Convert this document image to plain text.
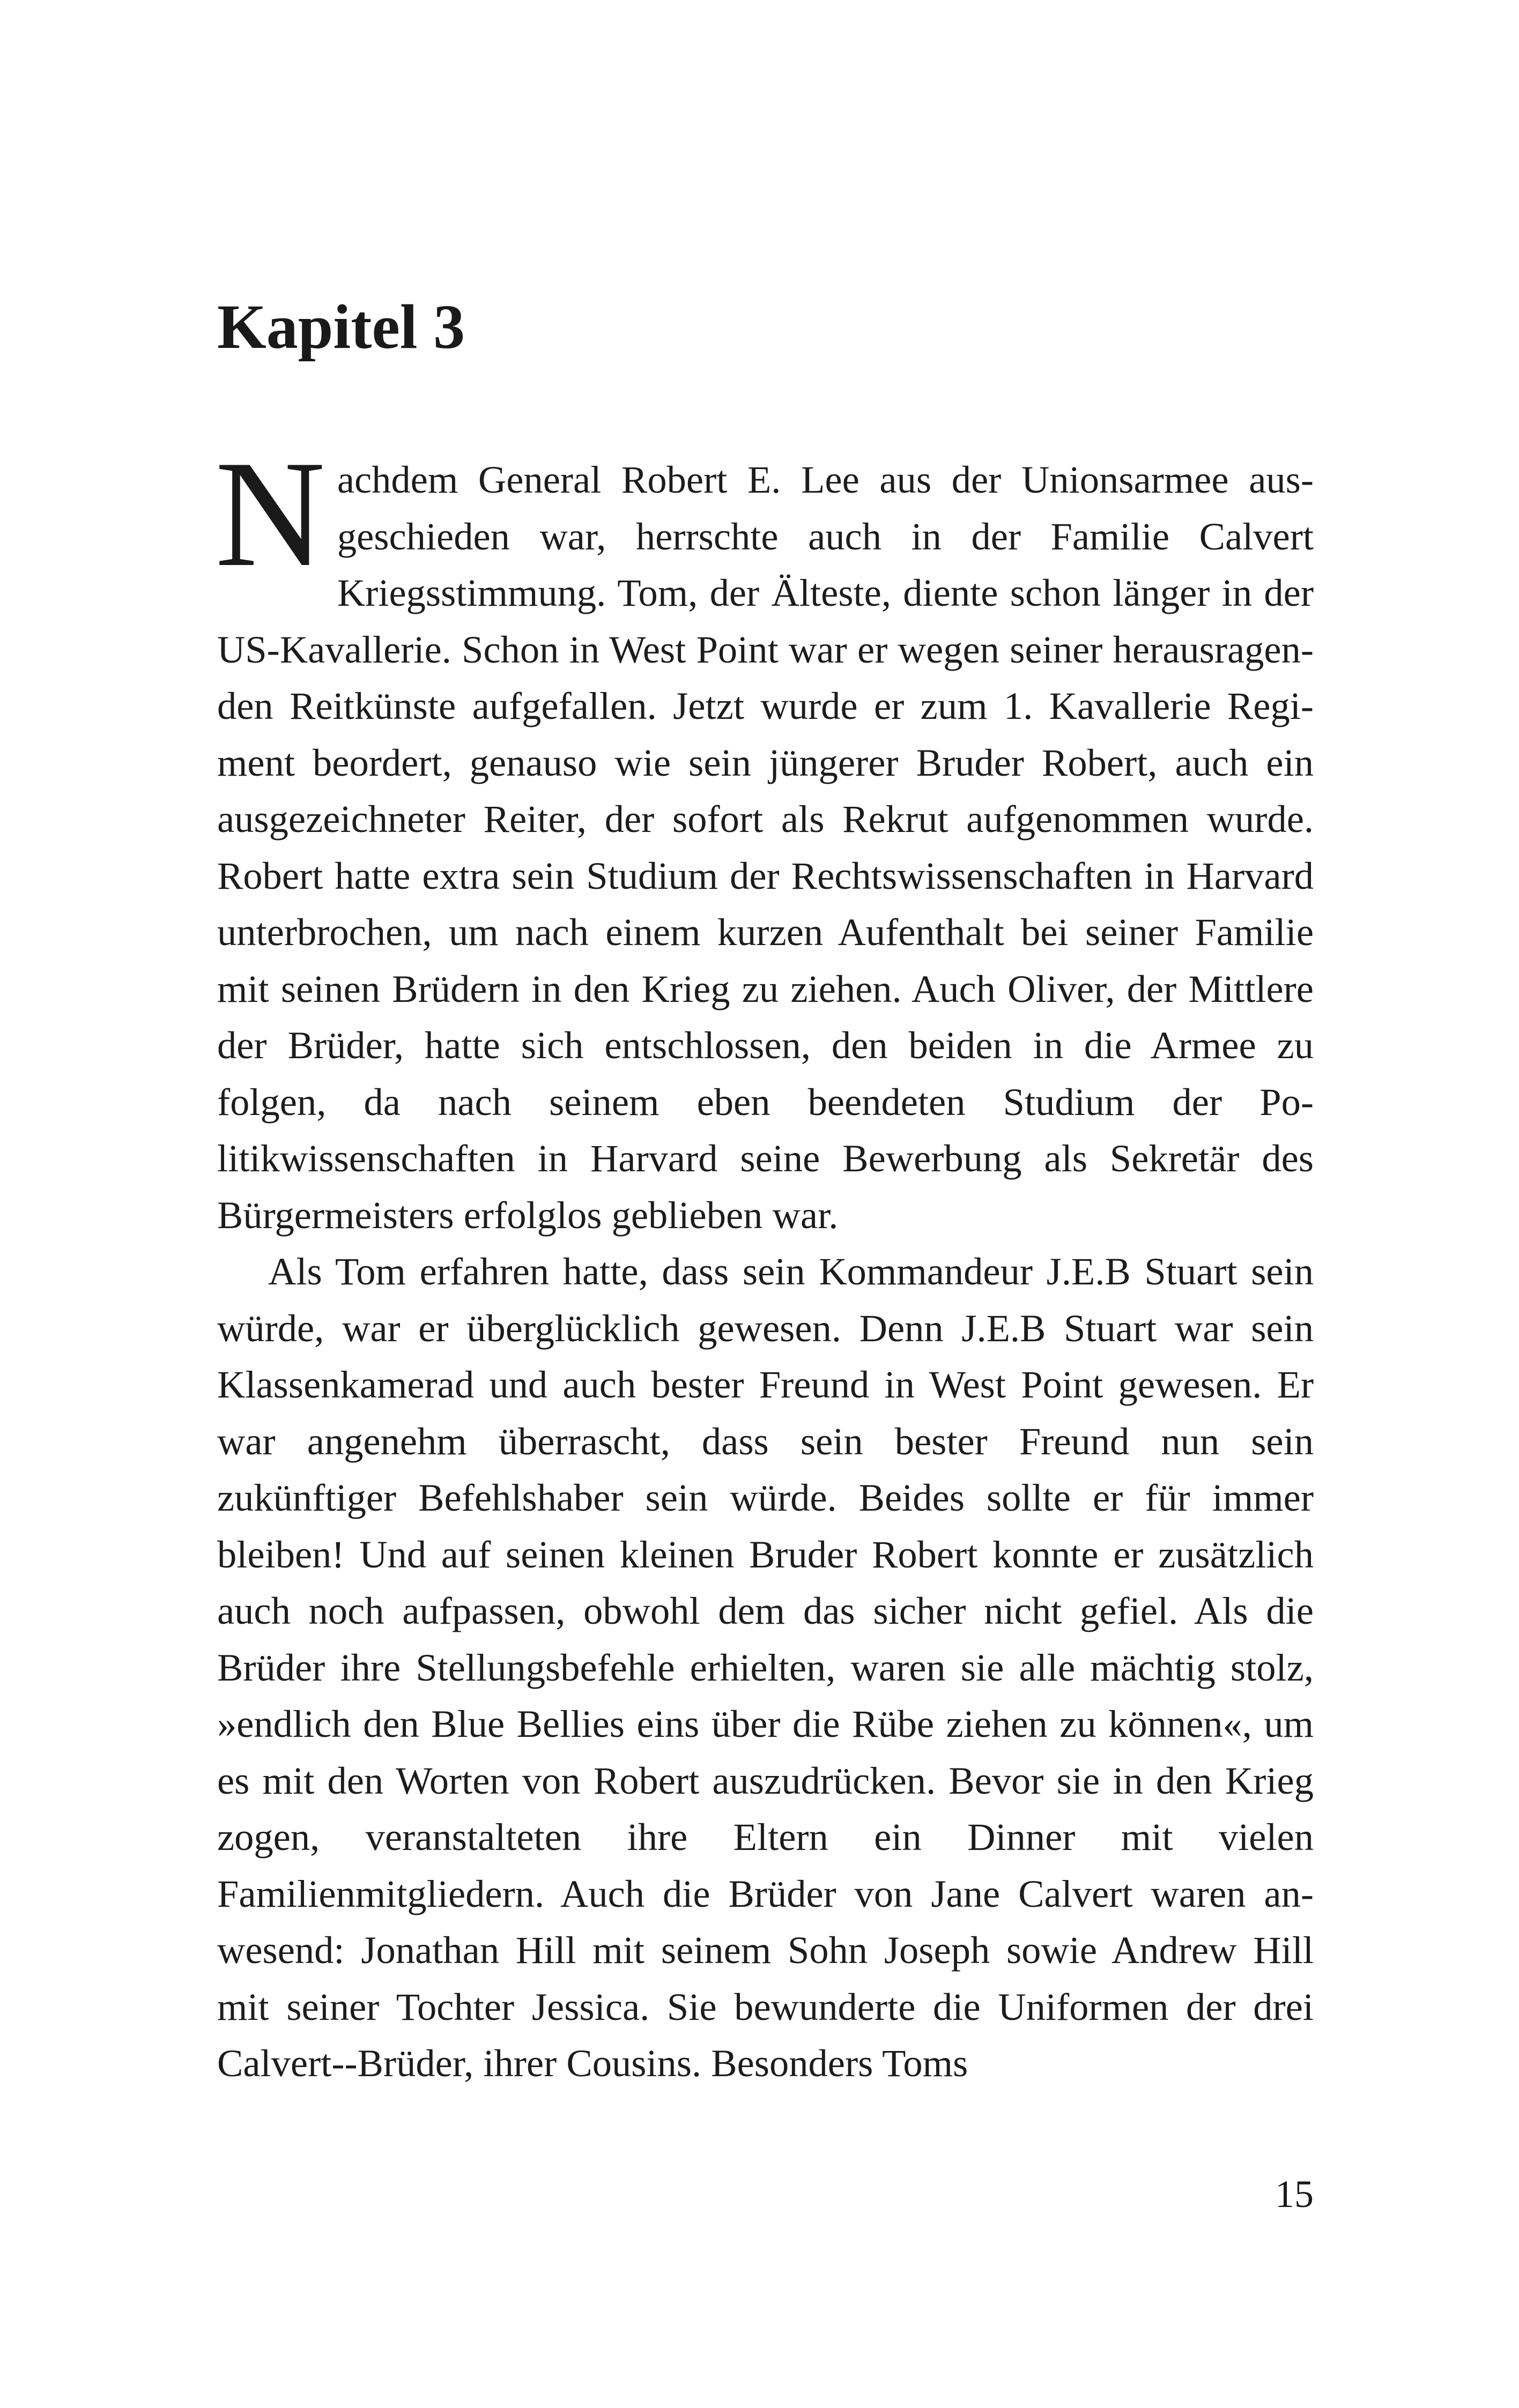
Kapitel 3

Nachdem General Robert E. Lee aus der Unionsarmee ausgeschieden war, herrschte auch in der Familie Calvert Kriegsstimmung. Tom, der Älteste, diente schon länger in der US-Kavallerie. Schon in West Point war er wegen seiner herausragenden Reitkünste aufgefallen. Jetzt wurde er zum 1. Kavallerie Regiment beordert, genauso wie sein jüngerer Bruder Robert, auch ein ausgezeichneter Reiter, der sofort als Rekrut aufgenommen wurde. Robert hatte extra sein Studium der Rechtswissenschaften in Harvard unterbrochen, um nach einem kurzen Aufenthalt bei seiner Familie mit seinen Brüdern in den Krieg zu ziehen. Auch Oliver, der Mittlere der Brüder, hatte sich entschlossen, den beiden in die Armee zu folgen, da nach seinem eben beendeten Studium der Politikwissenschaften in Harvard seine Bewerbung als Sekretär des Bürgermeisters erfolglos geblieben war.

Als Tom erfahren hatte, dass sein Kommandeur J.E.B Stuart sein würde, war er überglücklich gewesen. Denn J.E.B Stuart war sein Klassenkamerad und auch bester Freund in West Point gewesen. Er war angenehm überrascht, dass sein bester Freund nun sein zukünftiger Befehlshaber sein würde. Beides sollte er für immer bleiben! Und auf seinen kleinen Bruder Robert konnte er zusätzlich auch noch aufpassen, obwohl dem das sicher nicht gefiel. Als die Brüder ihre Stellungsbefehle erhielten, waren sie alle mächtig stolz, »endlich den Blue Bellies eins über die Rübe ziehen zu können«, um es mit den Worten von Robert auszudrücken. Bevor sie in den Krieg zogen, veranstalteten ihre Eltern ein Dinner mit vielen Familienmitgliedern. Auch die Brüder von Jane Calvert waren anwesend: Jonathan Hill mit seinem Sohn Joseph sowie Andrew Hill mit seiner Tochter Jessica. Sie bewunderte die Uniformen der drei Calvert--Brüder, ihrer Cousins. Besonders Toms

15
